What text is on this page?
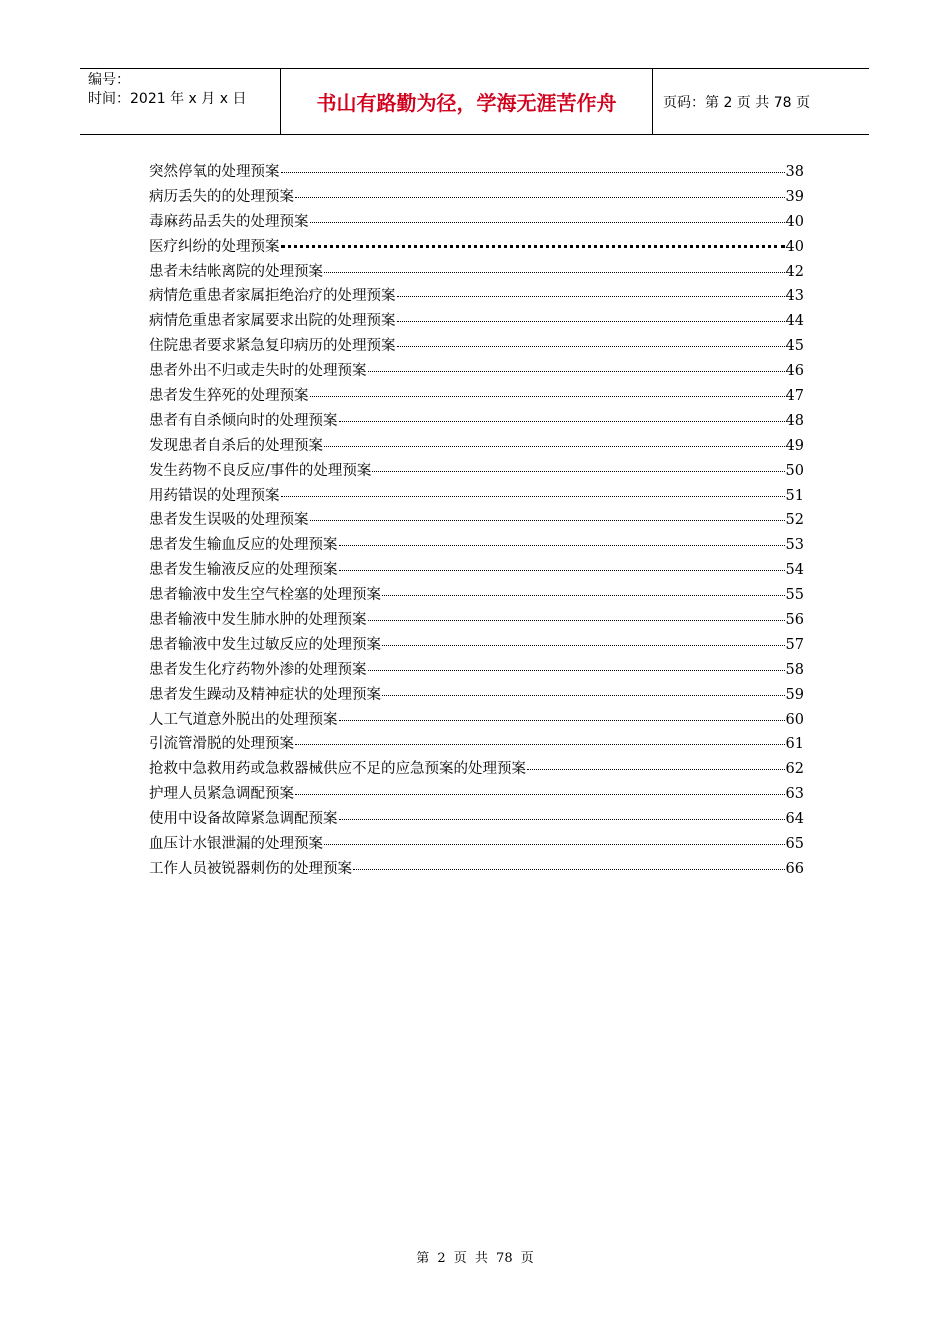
编号：
时间：2021 年 x 月 x 日	书山有路勤为径，学海无涯苦作舟	页码：第 2 页 共 78 页
突然停氧的处理预案	38
病历丢失的的处理预案	39
毒麻药品丢失的处理预案	40
医疗纠纷的处理预案	40
患者未结帐离院的处理预案	42
病情危重患者家属拒绝治疗的处理预案	43
病情危重患者家属要求出院的处理预案	44
住院患者要求紧急复印病历的处理预案	45
患者外出不归或走失时的处理预案	46
患者发生猝死的处理预案	47
患者有自杀倾向时的处理预案	48
发现患者自杀后的处理预案	49
发生药物不良反应/事件的处理预案	50
用药错误的处理预案	51
患者发生误吸的处理预案	52
患者发生输血反应的处理预案	53
患者发生输液反应的处理预案	54
患者输液中发生空气栓塞的处理预案	55
患者输液中发生肺水肿的处理预案	56
患者输液中发生过敏反应的处理预案	57
患者发生化疗药物外渗的处理预案	58
患者发生躁动及精神症状的处理预案	59
人工气道意外脱出的处理预案	60
引流管滑脱的处理预案	61
抢救中急救用药或急救器械供应不足的应急预案的处理预案	62
护理人员紧急调配预案	63
使用中设备故障紧急调配预案	64
血压计水银泄漏的处理预案	65
工作人员被锐器刺伤的处理预案	66
第 2 页 共 78 页
